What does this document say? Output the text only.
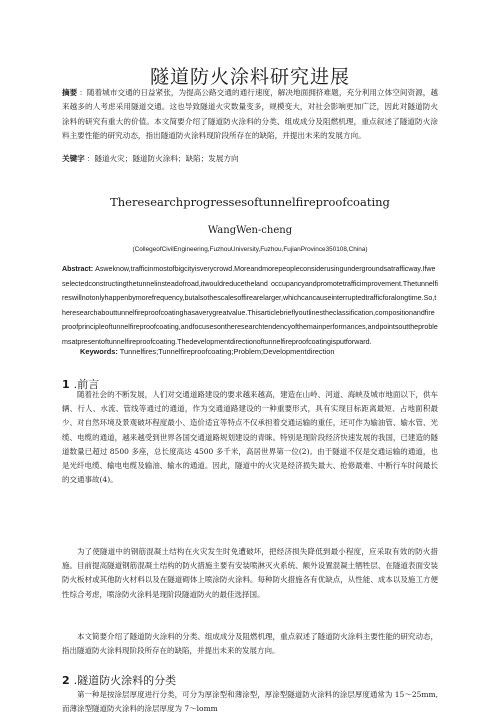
隧道防火涂料研究进展
摘要 ：随着城市交通的日益紧张，为提高公路交通的通行速度，解决地面拥挤难题，充分利用立体空间资源，越来越多的人考虑采用隧道交通。这也导致隧道火灾数量变多，规模变大，对社会影响更加广泛，因此对隧道防火涂料的研究有重大的价值。本文简要介绍了隧道防火涂料的分类、组成成分及阻燃机理，重点叙述了隧道防火涂料主要性能的研究动态，指出隧道防火涂料现阶段所存在的缺陷，并提出未来的发展方向。
关键字 ：隧道火灾；隧道防火涂料；缺陷；发展方向
Theresearchprogressesoftunnelfireproofcoating
WangWen-cheng
(CollegeofCivilEngineering,FuzhouUniversity,Fuzhou,FujianProvince350108,China)
Abstract: Asweknow,trafficinmostofbigcityisverycrowd.Moreandmorepeopleconsiderusingundergroundsatrafficway.Ifweselectedconstructingthetunnelinsteadofroad,itwouldreducetheland occupancyandpromotetrafficimprovement.Thetunnelfireswillnotonlyhappenbymorefrequency,butalsothescalesoffirearelarger,whichcancauseinterruptedtrafficforalongtime.So,theresearchabouttunnelfireproofcoatinghasaverygreatvalue.Thisarticlebrieflyoutlinestheclassification,compositionandfireproofprincipleoftunnelfireproofcoating,andfocusesontheresearchtendencyofthemainperformances,andpointsouttheproblemsatpresentoftunnelfireproofcoating.Thedevelopmentdirectionoftunnelfireproofcoatingisputforward.
Keywords: Tunnelfires;Tunnelfireproofcoating;Problem;Developmentdirection
1 .前言

随着社会的不断发展，人们对交通道路建设的要求越来越高，建造在山岭、河道、海峡及城市地面以下，供车辆、行人、水流、管线等通过的通道，作为交通道路建设的一种重要形式，具有实现目标距离最短、占地面积最少、对自然环境及景观破坏程度最小、造价适宜等特点不仅承担着交通运输的重任，还可作为输油管、输水管、光缆、电缆的通道，越来越受到世界各国交通道路规划建设的青睐。特别是现阶段经济快速发展的我国，已建造的隧道数量已超过 8500 多座，总长度高达 4500 多千米，高居世界第一位(2)。由于隧道不仅是交通运输的通道，也是光纤电缆、输电电缆及输油、输水的通道。因此，隧道中的火灾是经济损失最大、抢修最难、中断行车时间最长的交通事故(4)。

为了使隧道中的钢筋混凝土结构在火灾发生时免遭破坏，把经济损失降低到最小程度，应采取有效的防火措施。目前提高隧道钢筋混凝土结构的防火措施主要有安装喷淋灭火系统、额外设置混凝土牺牲层、在隧道表面安装防火板材或其他防火材料以及在隧道砌体上喷涂防火涂料。每种防火措施各有优缺点，从性能、成本以及施工方便性综合考虑，喷涂防火涂料是现阶段隧道防火的最佳选择国。

本文简要介绍了隧道防火涂料的分类、组成成分及阻燃机理，重点叙述了隧道防火涂料主要性能的研究动态，指出隧道防火涂料现阶段所存在的缺陷，并提出未来的发展方向。

2 .隧道防火涂料的分类

第一种是按涂层厚度进行分类，可分为厚涂型和薄涂型，厚涂型隧道防火涂料的涂层厚度通常为 15～25mm,而薄涂型隧道防火涂料的涂层厚度为 7～lomm
